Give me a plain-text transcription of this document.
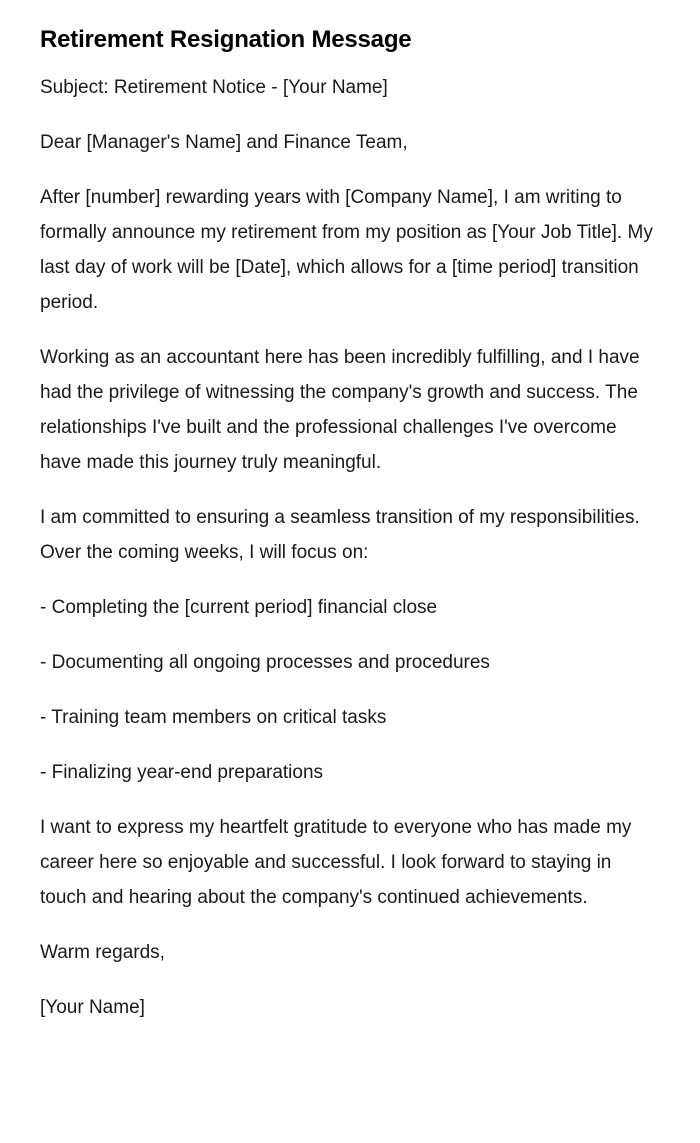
Retirement Resignation Message

Subject: Retirement Notice - [Your Name]

Dear [Manager's Name] and Finance Team,

After [number] rewarding years with [Company Name], I am writing to formally announce my retirement from my position as [Your Job Title]. My last day of work will be [Date], which allows for a [time period] transition period.

Working as an accountant here has been incredibly fulfilling, and I have had the privilege of witnessing the company's growth and success. The relationships I've built and the professional challenges I've overcome have made this journey truly meaningful.

I am committed to ensuring a seamless transition of my responsibilities. Over the coming weeks, I will focus on:

- Completing the [current period] financial close

- Documenting all ongoing processes and procedures

- Training team members on critical tasks

- Finalizing year-end preparations

I want to express my heartfelt gratitude to everyone who has made my career here so enjoyable and successful. I look forward to staying in touch and hearing about the company's continued achievements.

Warm regards,

[Your Name]
